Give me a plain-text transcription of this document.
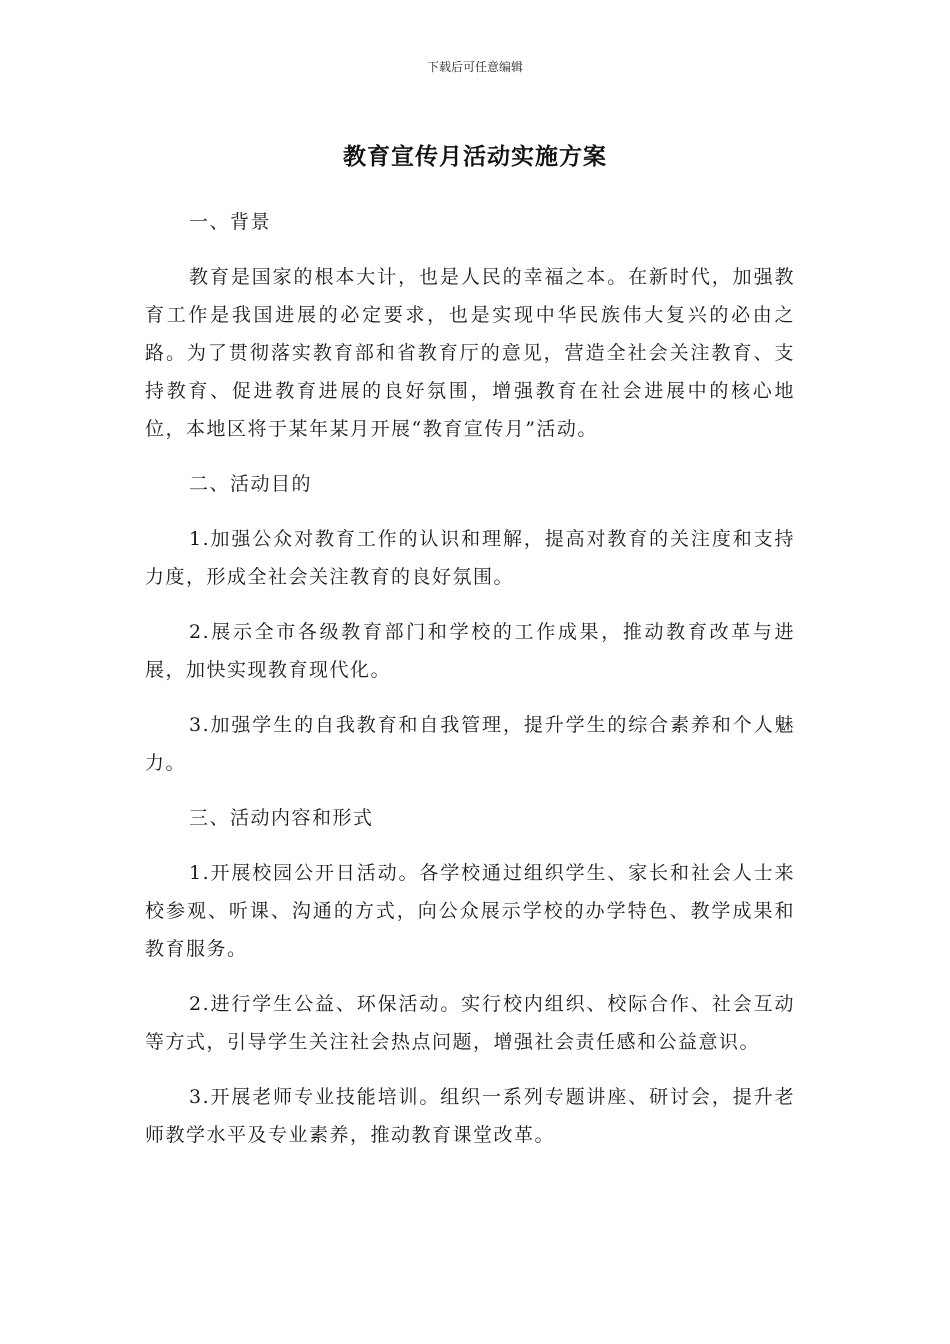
下载后可任意编辑
教育宣传月活动实施方案

一、背景

教育是国家的根本大计，也是人民的幸福之本。在新时代，加强教育工作是我国进展的必定要求，也是实现中华民族伟大复兴的必由之路。为了贯彻落实教育部和省教育厅的意见，营造全社会关注教育、支持教育、促进教育进展的良好氛围，增强教育在社会进展中的核心地位，本地区将于某年某月开展“教育宣传月”活动。

二、活动目的

1.加强公众对教育工作的认识和理解，提高对教育的关注度和支持力度，形成全社会关注教育的良好氛围。

2.展示全市各级教育部门和学校的工作成果，推动教育改革与进展，加快实现教育现代化。

3.加强学生的自我教育和自我管理，提升学生的综合素养和个人魅力。

三、活动内容和形式

1.开展校园公开日活动。各学校通过组织学生、家长和社会人士来校参观、听课、沟通的方式，向公众展示学校的办学特色、教学成果和教育服务。

2.进行学生公益、环保活动。实行校内组织、校际合作、社会互动等方式，引导学生关注社会热点问题，增强社会责任感和公益意识。

3.开展老师专业技能培训。组织一系列专题讲座、研讨会，提升老师教学水平及专业素养，推动教育课堂改革。
